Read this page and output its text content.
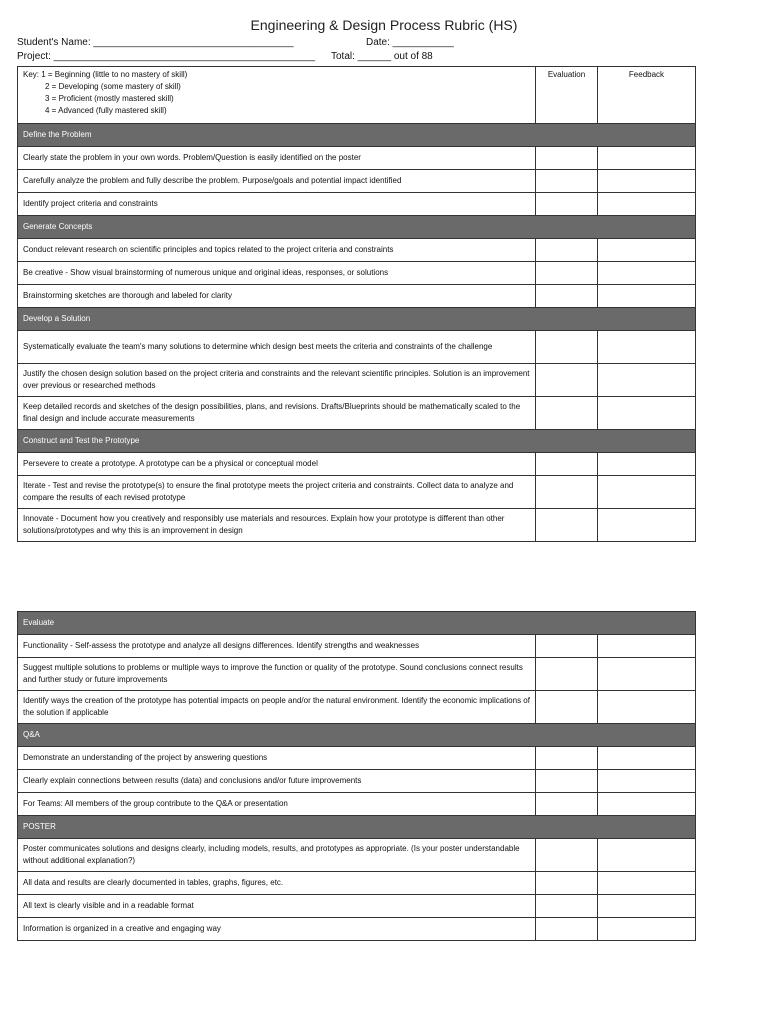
Engineering & Design Process Rubric (HS)
Student's Name: ____________________________________	Date: ___________
Project: _______________________________________________ Total: ______ out of 88
Key: 1 = Beginning (little to no mastery of skill)
2 = Developing (some mastery of skill)
3 = Proficient (mostly mastered skill)
4 = Advanced (fully mastered skill)	Evaluation	Feedback
Define the Problem		
Clearly state the problem in your own words. Problem/Question is easily identified on the poster		
Carefully analyze the problem and fully describe the problem. Purpose/goals and potential impact identified		
Identify project criteria and constraints		
Generate Concepts		
Conduct relevant research on scientific principles and topics related to the project criteria and constraints		
Be creative - Show visual brainstorming of numerous unique and original ideas, responses, or solutions		
Brainstorming sketches are thorough and labeled for clarity		
Develop a Solution		
Systematically evaluate the team's many solutions to determine which design best meets the criteria and constraints of the challenge		
Justify the chosen design solution based on the project criteria and constraints and the relevant scientific principles. Solution is an improvement over previous or researched methods		
Keep detailed records and sketches of the design possibilities, plans, and revisions. Drafts/Blueprints should be mathematically scaled to the final design and include accurate measurements		
Construct and Test the Prototype		
Persevere to create a prototype. A prototype can be a physical or conceptual model		
Iterate - Test and revise the prototype(s) to ensure the final prototype meets the project criteria and constraints. Collect data to analyze and compare the results of each revised prototype		
Innovate - Document how you creatively and responsibly use materials and resources. Explain how your prototype is different than other solutions/prototypes and why this is an improvement in design		
Evaluate		
Functionality - Self-assess the prototype and analyze all designs differences. Identify strengths and weaknesses		
Suggest multiple solutions to problems or multiple ways to improve the function or quality of the prototype. Sound conclusions connect results and further study or future improvements		
Identify ways the creation of the prototype has potential impacts on people and/or the natural environment. Identify the economic implications of the solution if applicable		
Q&A		
Demonstrate an understanding of the project by answering questions		
Clearly explain connections between results (data) and conclusions and/or future improvements		
For Teams: All members of the group contribute to the Q&A or presentation		
POSTER		
Poster communicates solutions and designs clearly, including models, results, and prototypes as appropriate. (Is your poster understandable without additional explanation?)		
All data and results are clearly documented in tables, graphs, figures, etc.		
All text is clearly visible and in a readable format		
Information is organized in a creative and engaging way		
